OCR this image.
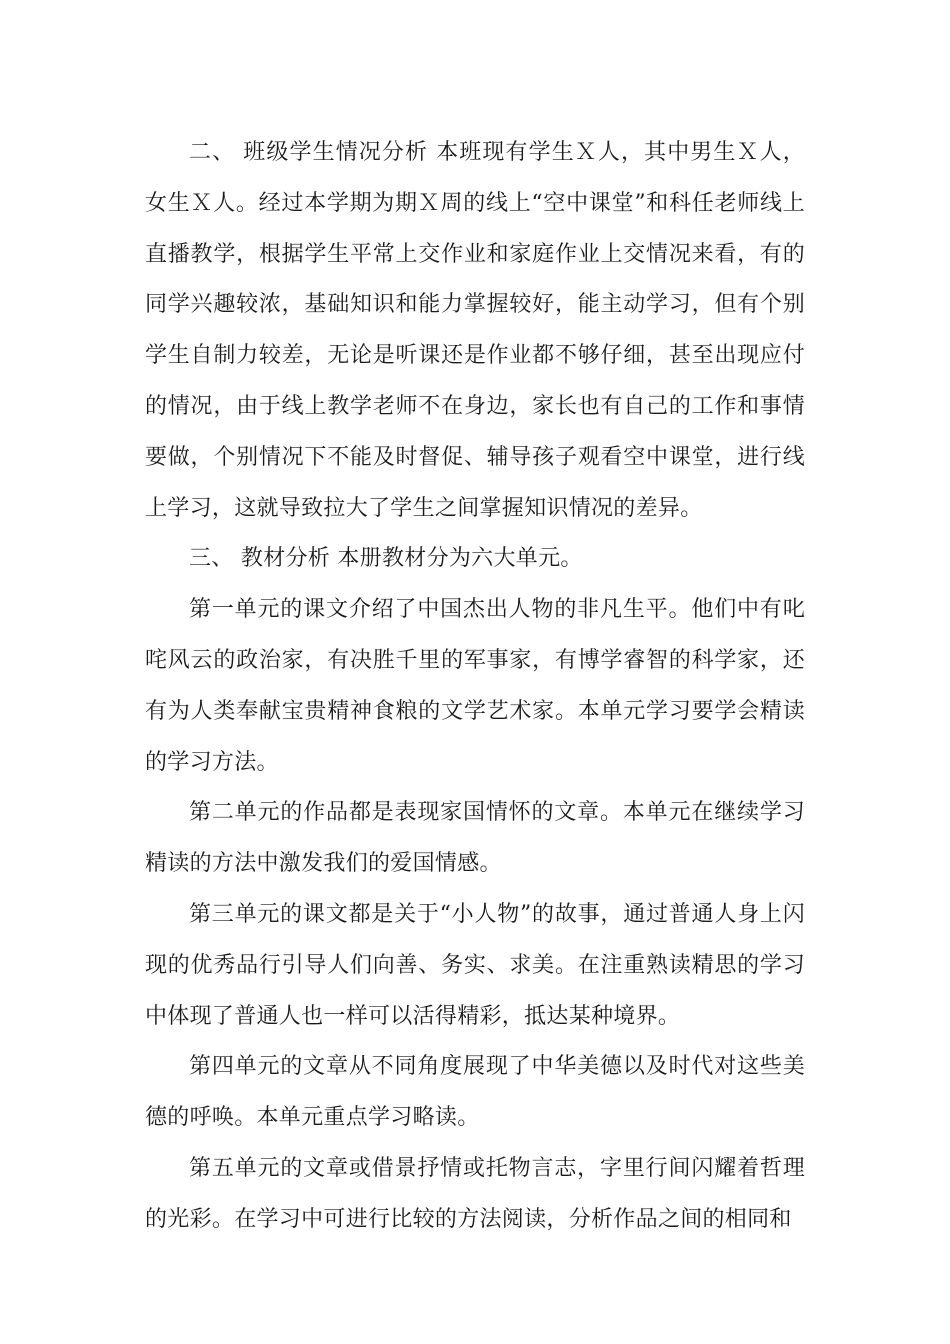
二、 班级学生情况分析 本班现有学生Ｘ人，其中男生Ｘ人，女生Ｘ人。经过本学期为期Ｘ周的线上“空中课堂”和科任老师线上直播教学，根据学生平常上交作业和家庭作业上交情况来看，有的同学兴趣较浓，基础知识和能力掌握较好，能主动学习，但有个别学生自制力较差，无论是听课还是作业都不够仔细，甚至出现应付的情况，由于线上教学老师不在身边，家长也有自己的工作和事情要做，个别情况下不能及时督促、辅导孩子观看空中课堂，进行线上学习，这就导致拉大了学生之间掌握知识情况的差异。

三、 教材分析 本册教材分为六大单元。

第一单元的课文介绍了中国杰出人物的非凡生平。他们中有叱咤风云的政治家，有决胜千里的军事家，有博学睿智的科学家，还有为人类奉献宝贵精神食粮的文学艺术家。本单元学习要学会精读的学习方法。

第二单元的作品都是表现家国情怀的文章。本单元在继续学习精读的方法中激发我们的爱国情感。

第三单元的课文都是关于“小人物”的故事，通过普通人身上闪现的优秀品行引导人们向善、务实、求美。在注重熟读精思的学习中体现了普通人也一样可以活得精彩，抵达某种境界。

第四单元的文章从不同角度展现了中华美德以及时代对这些美德的呼唤。本单元重点学习略读。

第五单元的文章或借景抒情或托物言志，字里行间闪耀着哲理的光彩。在学习中可进行比较的方法阅读，分析作品之间的相同和
